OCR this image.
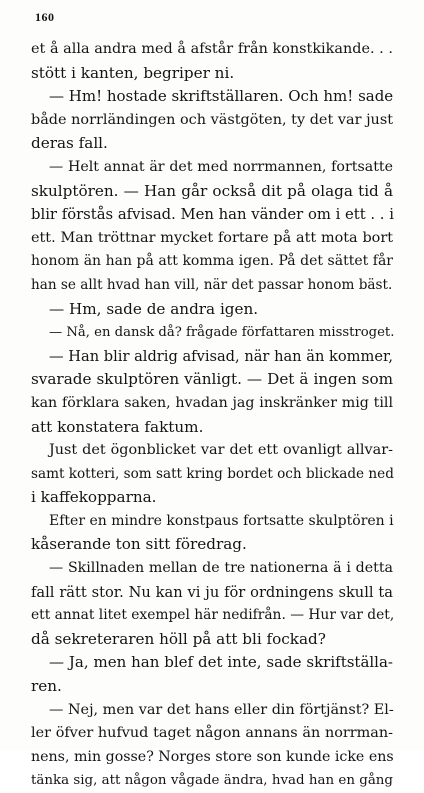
160
et å alla andra med å afstår från konstkikande. . .
stött i kanten, begriper ni.
— Hm! hostade skriftställaren. Och hm! sade
både norrländingen och västgöten, ty det var just
deras fall.
— Helt annat är det med norrmannen, fortsatte
skulptören. — Han går också dit på olaga tid å
blir förstås afvisad. Men han vänder om i ett . . i
ett. Man tröttnar mycket fortare på att mota bort
honom än han på att komma igen. På det sättet får
han se allt hvad han vill, när det passar honom bäst.
— Hm, sade de andra igen.
— Nå, en dansk då? frågade författaren misstroget.
— Han blir aldrig afvisad, när han än kommer,
svarade skulptören vänligt. — Det ä ingen som
kan förklara saken, hvadan jag inskränker mig till
att konstatera faktum.
Just det ögonblicket var det ett ovanligt allvar-
samt kotteri, som satt kring bordet och blickade ned
i kaffekopparna.
Efter en mindre konstpaus fortsatte skulptören i
kåserande ton sitt föredrag.
— Skillnaden mellan de tre nationerna ä i detta
fall rätt stor. Nu kan vi ju för ordningens skull ta
ett annat litet exempel här nedifrån. — Hur var det,
då sekreteraren höll på att bli fockad?
— Ja, men han blef det inte, sade skriftställa-
ren.
— Nej, men var det hans eller din förtjänst? El-
ler öfver hufvud taget någon annans än norrman-
nens, min gosse? Norges store son kunde icke ens
tänka sig, att någon vågade ändra, hvad han en gång
